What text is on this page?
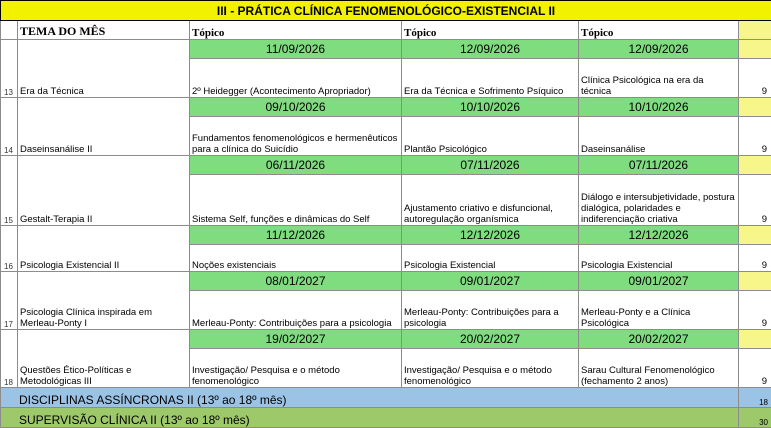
III - PRÁTICA CLÍNICA FENOMENOLÓGICO-EXISTENCIAL II					
	TEMA DO MÊS	Tópico	Tópico	Tópico	
13	Era da Técnica	11/09/2026	12/09/2026	12/09/2026	
		2º Heidegger (Acontecimento Apropriador)	Era da Técnica e Sofrimento Psíquico	Clínica Psicológica na era da técnica	9
14	Daseinsanálise II	09/10/2026	10/10/2026	10/10/2026	
		Fundamentos fenomenológicos e hermenêuticos para a clínica do Suicídio	Plantão Psicológico	Daseinsanálise	9
15	Gestalt-Terapia II	06/11/2026	07/11/2026	07/11/2026	
		Sistema Self, funções e dinâmicas do Self	Ajustamento criativo e disfuncional, autoregulação organísmica	Diálogo e intersubjetividade, postura dialógica, polaridades e indiferenciação criativa	9
16	Psicologia Existencial II	11/12/2026	12/12/2026	12/12/2026	
		Noções existenciais	Psicologia Existencial	Psicologia Existencial	9
17	Psicologia Clínica inspirada em Merleau-Ponty I	08/01/2027	09/01/2027	09/01/2027	
		Merleau-Ponty: Contribuições para a psicologia	Merleau-Ponty: Contribuições para a psicologia	Merleau-Ponty e a Clínica Psicológica	9
18	Questões Ético-Políticas e Metodológicas III	19/02/2027	20/02/2027	20/02/2027	
		Investigação/ Pesquisa e o método fenomenológico	Investigação/ Pesquisa e o método fenomenológico	Sarau Cultural Fenomenológico (fechamento 2 anos)	9
DISCIPLINAS ASSÍNCRONAS II (13º ao 18º mês)					18
SUPERVISÃO CLÍNICA II (13º ao 18º mês)					30
